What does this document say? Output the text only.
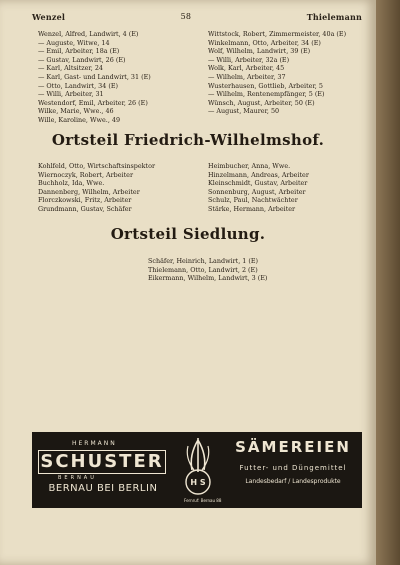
Wenzel	58	Thielemann
Wenzel, Alfred, Landwirt, 4 (E)
— Auguste, Witwe, 14
— Emil, Arbeiter, 18a (E)
— Gustav, Landwirt, 26 (E)
— Karl, Altsitzer, 24
— Karl, Gast- und Landwirt, 31 (E)
— Otto, Landwirt, 34 (E)
— Willi, Arbeiter, 31
Westendorf, Emil, Arbeiter, 26 (E)
Wilke, Marie, Wwe., 46
Wille, Karoline, Wwe., 49
Wittstock, Robert, Zimmermeister, 40a (E)
Winkelmann, Otto, Arbeiter, 34 (E)
Wolf, Wilhelm, Landwirt, 39 (E)
— Willi, Arbeiter, 32a (E)
Wolk, Karl, Arbeiter, 45
— Wilhelm, Arbeiter, 37
Wusterhausen, Gottlieb, Arbeiter, 5
— Wilhelm, Rentenempfänger, 5 (E)
Wünsch, August, Arbeiter, 50 (E)
— August, Maurer, 50
Ortsteil Friedrich-Wilhelmshof.
Kohlfeld, Otto, Wirtschaftsinspektor
Wiernoczyk, Robert, Arbeiter
Buchholz, Ida, Wwe.
Dannenberg, Wilhelm, Arbeiter
Florczkowski, Fritz, Arbeiter
Grundmann, Gustav, Schäfer
Heimbucher, Anna, Wwe.
Hinzelmann, Andreas, Arbeiter
Kleinschmidt, Gustav, Arbeiter
Sonnenburg, August, Arbeiter
Schulz, Paul, Nachtwächter
Stärke, Hermann, Arbeiter
Ortsteil Siedlung.
Schäfer, Heinrich, Landwirt, 1 (E)
Thielemann, Otto, Landwirt, 2 (E)
Eikermann, Wilhelm, Landwirt, 3 (E)
HERMANN
SCHUSTER
BERNAU
BERNAU BEI BERLIN
H S
Fernruf: Bernau 88
SÄMEREIEN
Futter- und Düngemittel
Landesbedarf / Landesprodukte
